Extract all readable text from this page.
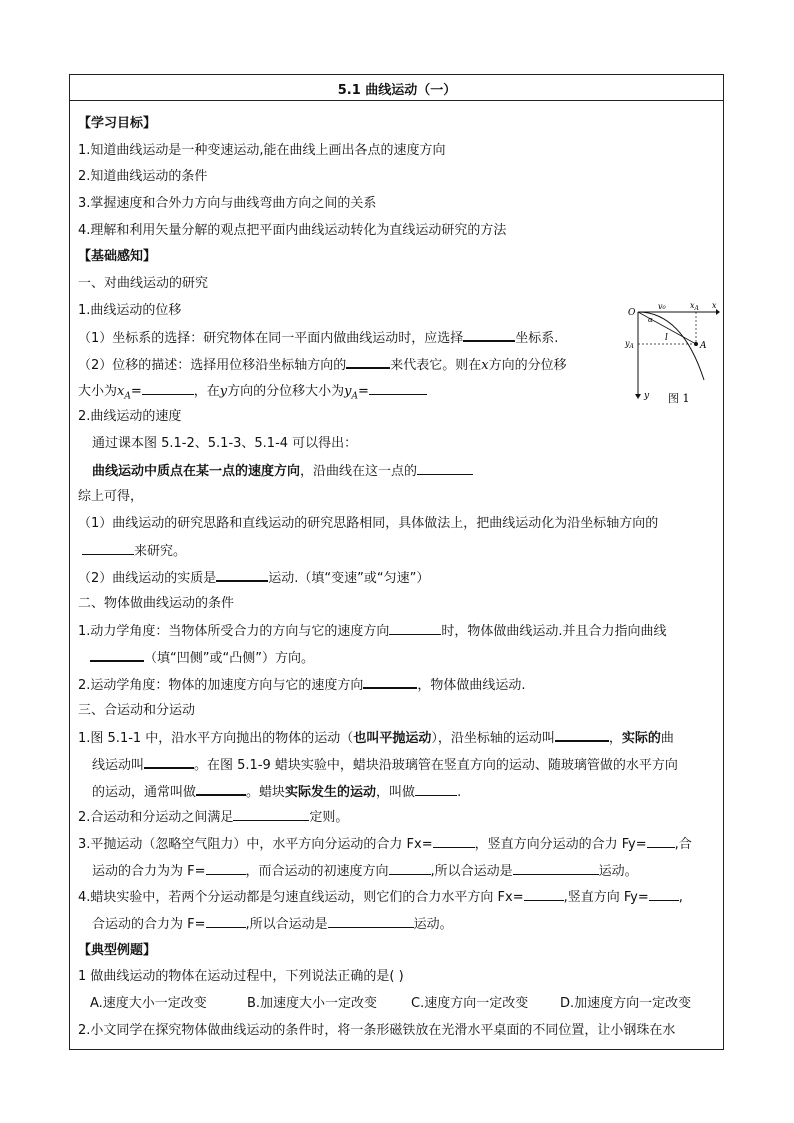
5.1 曲线运动（一）
【学习目标】
1.知道曲线运动是一种变速运动,能在曲线上画出各点的速度方向
2.知道曲线运动的条件
3.掌握速度和合外力方向与曲线弯曲方向之间的关系
4.理解和利用矢量分解的观点把平面内曲线运动转化为直线运动研究的方法
【基础感知】
一、对曲线运动的研究
1.曲线运动的位移
（1）坐标系的选择：研究物体在同一平面内做曲线运动时，应选择	坐标系.
（2）位移的描述：选择用位移沿坐标轴方向的	来代表它。则在x方向的分位移
大小为$x_A=$	，在y方向的分位移大小为$y_A=$
O
v₀	$x_A$ x
α
l
$y_A$	A
y 图 1
2.曲线运动的速度
通过课本图 5.1-2、5.1-3、5.1-4 可以得出：
曲线运动中质点在某一点的速度方向，沿曲线在这一点的
综上可得，
（1）曲线运动的研究思路和直线运动的研究思路相同，具体做法上，把曲线运动化为沿坐标轴方向的
来研究。
（2）曲线运动的实质是	运动.（填“变速”或“匀速”）
二、物体做曲线运动的条件
1.动力学角度：当物体所受合力的方向与它的速度方向	时，物体做曲线运动.并且合力指向曲线
（填“凹侧”或“凸侧”）方向。
2.运动学角度：物体的加速度方向与它的速度方向	，物体做曲线运动.
三、合运动和分运动
1.图 5.1-1 中，沿水平方向抛出的物体的运动（也叫平抛运动），沿坐标轴的运动叫	，实际的曲
线运动叫	。在图 5.1-9 蜡块实验中，蜡块沿玻璃管在竖直方向的运动、随玻璃管做的水平方向
的运动，通常叫做	。蜡块实际发生的运动，叫做	.
2.合运动和分运动之间满足	定则。
3.平抛运动（忽略空气阻力）中，水平方向分运动的合力 Fx=	，竖直方向分运动的合力 Fy= ,合
运动的合力为为 F=	，而合运动的初速度方向	,所以合运动是	运动。
4.蜡块实验中，若两个分运动都是匀速直线运动，则它们的合力水平方向 Fx=	,竖直方向 Fy= ,
合运动的合力为 F=	,所以合运动是	运动。
【典型例题】
1 做曲线运动的物体在运动过程中，下列说法正确的是( )
A.速度大小一定改变	B.加速度大小一定改变	C.速度方向一定改变 D.加速度方向一定改变
2.小文同学在探究物体做曲线运动的条件时，将一条形磁铁放在光滑水平桌面的不同位置，让小钢珠在水
